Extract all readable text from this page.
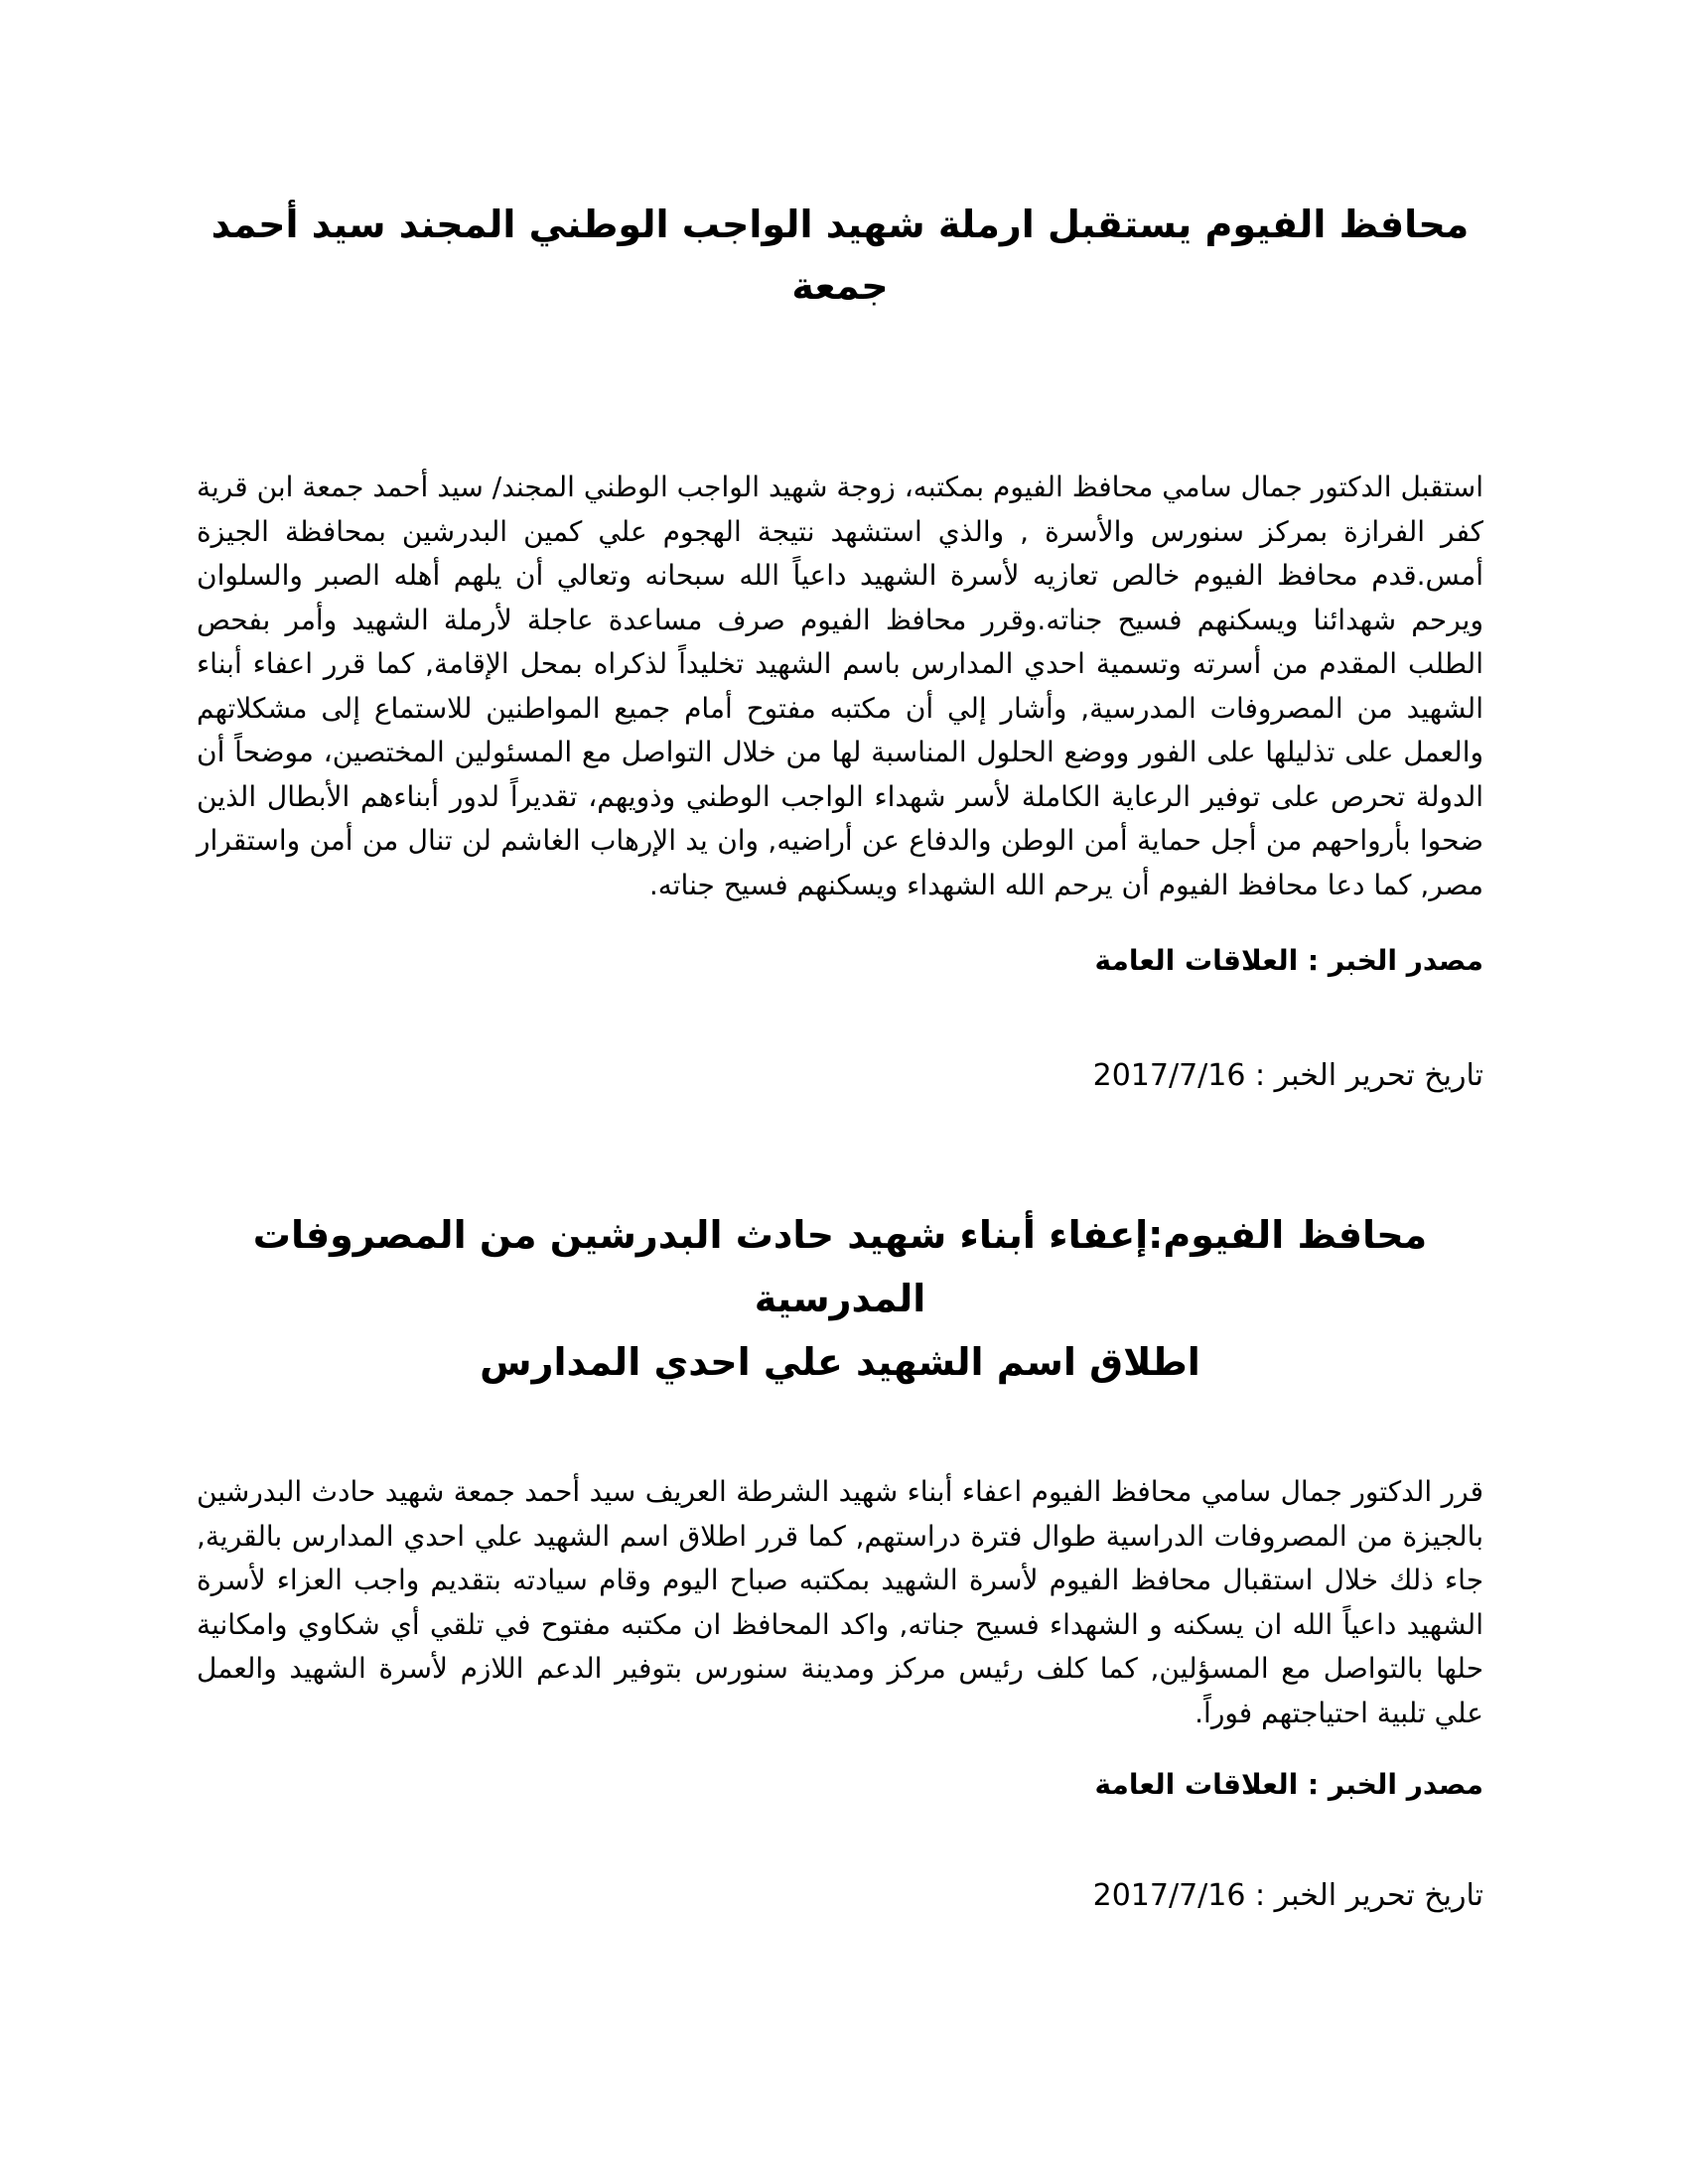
محافظ الفيوم يستقبل ارملة شهيد الواجب الوطني المجند سيد أحمد جمعة

استقبل الدكتور جمال سامي محافظ الفيوم بمكتبه، زوجة شهيد الواجب الوطني المجند/ سيد أحمد جمعة ابن قرية كفر الفرازة بمركز سنورس والأسرة , والذي استشهد نتيجة الهجوم علي كمين البدرشين بمحافظة الجيزة أمس.قدم محافظ الفيوم خالص تعازيه لأسرة الشهيد داعياً الله سبحانه وتعالي أن يلهم أهله الصبر والسلوان ويرحم شهدائنا ويسكنهم فسيح جناته.وقرر محافظ الفيوم صرف مساعدة عاجلة لأرملة الشهيد وأمر بفحص الطلب المقدم من أسرته وتسمية احدي المدارس باسم الشهيد تخليداً لذكراه بمحل الإقامة, كما قرر اعفاء أبناء الشهيد من المصروفات المدرسية, وأشار إلي أن مكتبه مفتوح أمام جميع المواطنين للاستماع إلى مشكلاتهم والعمل على تذليلها على الفور ووضع الحلول المناسبة لها من خلال التواصل مع المسئولين المختصين، موضحاً أن الدولة تحرص على توفير الرعاية الكاملة لأسر شهداء الواجب الوطني وذويهم، تقديراً لدور أبناءهم الأبطال الذين ضحوا بأرواحهم من أجل حماية أمن الوطن والدفاع عن أراضيه, وان يد الإرهاب الغاشم لن تنال من أمن واستقرار مصر, كما دعا محافظ الفيوم أن يرحم الله الشهداء ويسكنهم فسيح جناته.

مصدر الخبر : العلاقات العامة

تاريخ تحرير الخبر : 2017/7/16

محافظ الفيوم:إعفاء أبناء شهيد حادث البدرشين من المصروفات المدرسية
اطلاق اسم الشهيد علي احدي المدارس

قرر الدكتور جمال سامي محافظ الفيوم اعفاء أبناء شهيد الشرطة العريف سيد أحمد جمعة شهيد حادث البدرشين بالجيزة من المصروفات الدراسية طوال فترة دراستهم, كما قرر اطلاق اسم الشهيد علي احدي المدارس بالقرية, جاء ذلك خلال استقبال محافظ الفيوم لأسرة الشهيد بمكتبه صباح اليوم وقام سيادته بتقديم واجب العزاء لأسرة الشهيد داعياً الله ان يسكنه و الشهداء فسيح جناته, واكد المحافظ ان مكتبه مفتوح في تلقي أي شكاوي وامكانية حلها بالتواصل مع المسؤلين, كما كلف رئيس مركز ومدينة سنورس بتوفير الدعم اللازم لأسرة الشهيد والعمل علي تلبية احتياجتهم فوراً.

مصدر الخبر : العلاقات العامة

تاريخ تحرير الخبر : 2017/7/16
